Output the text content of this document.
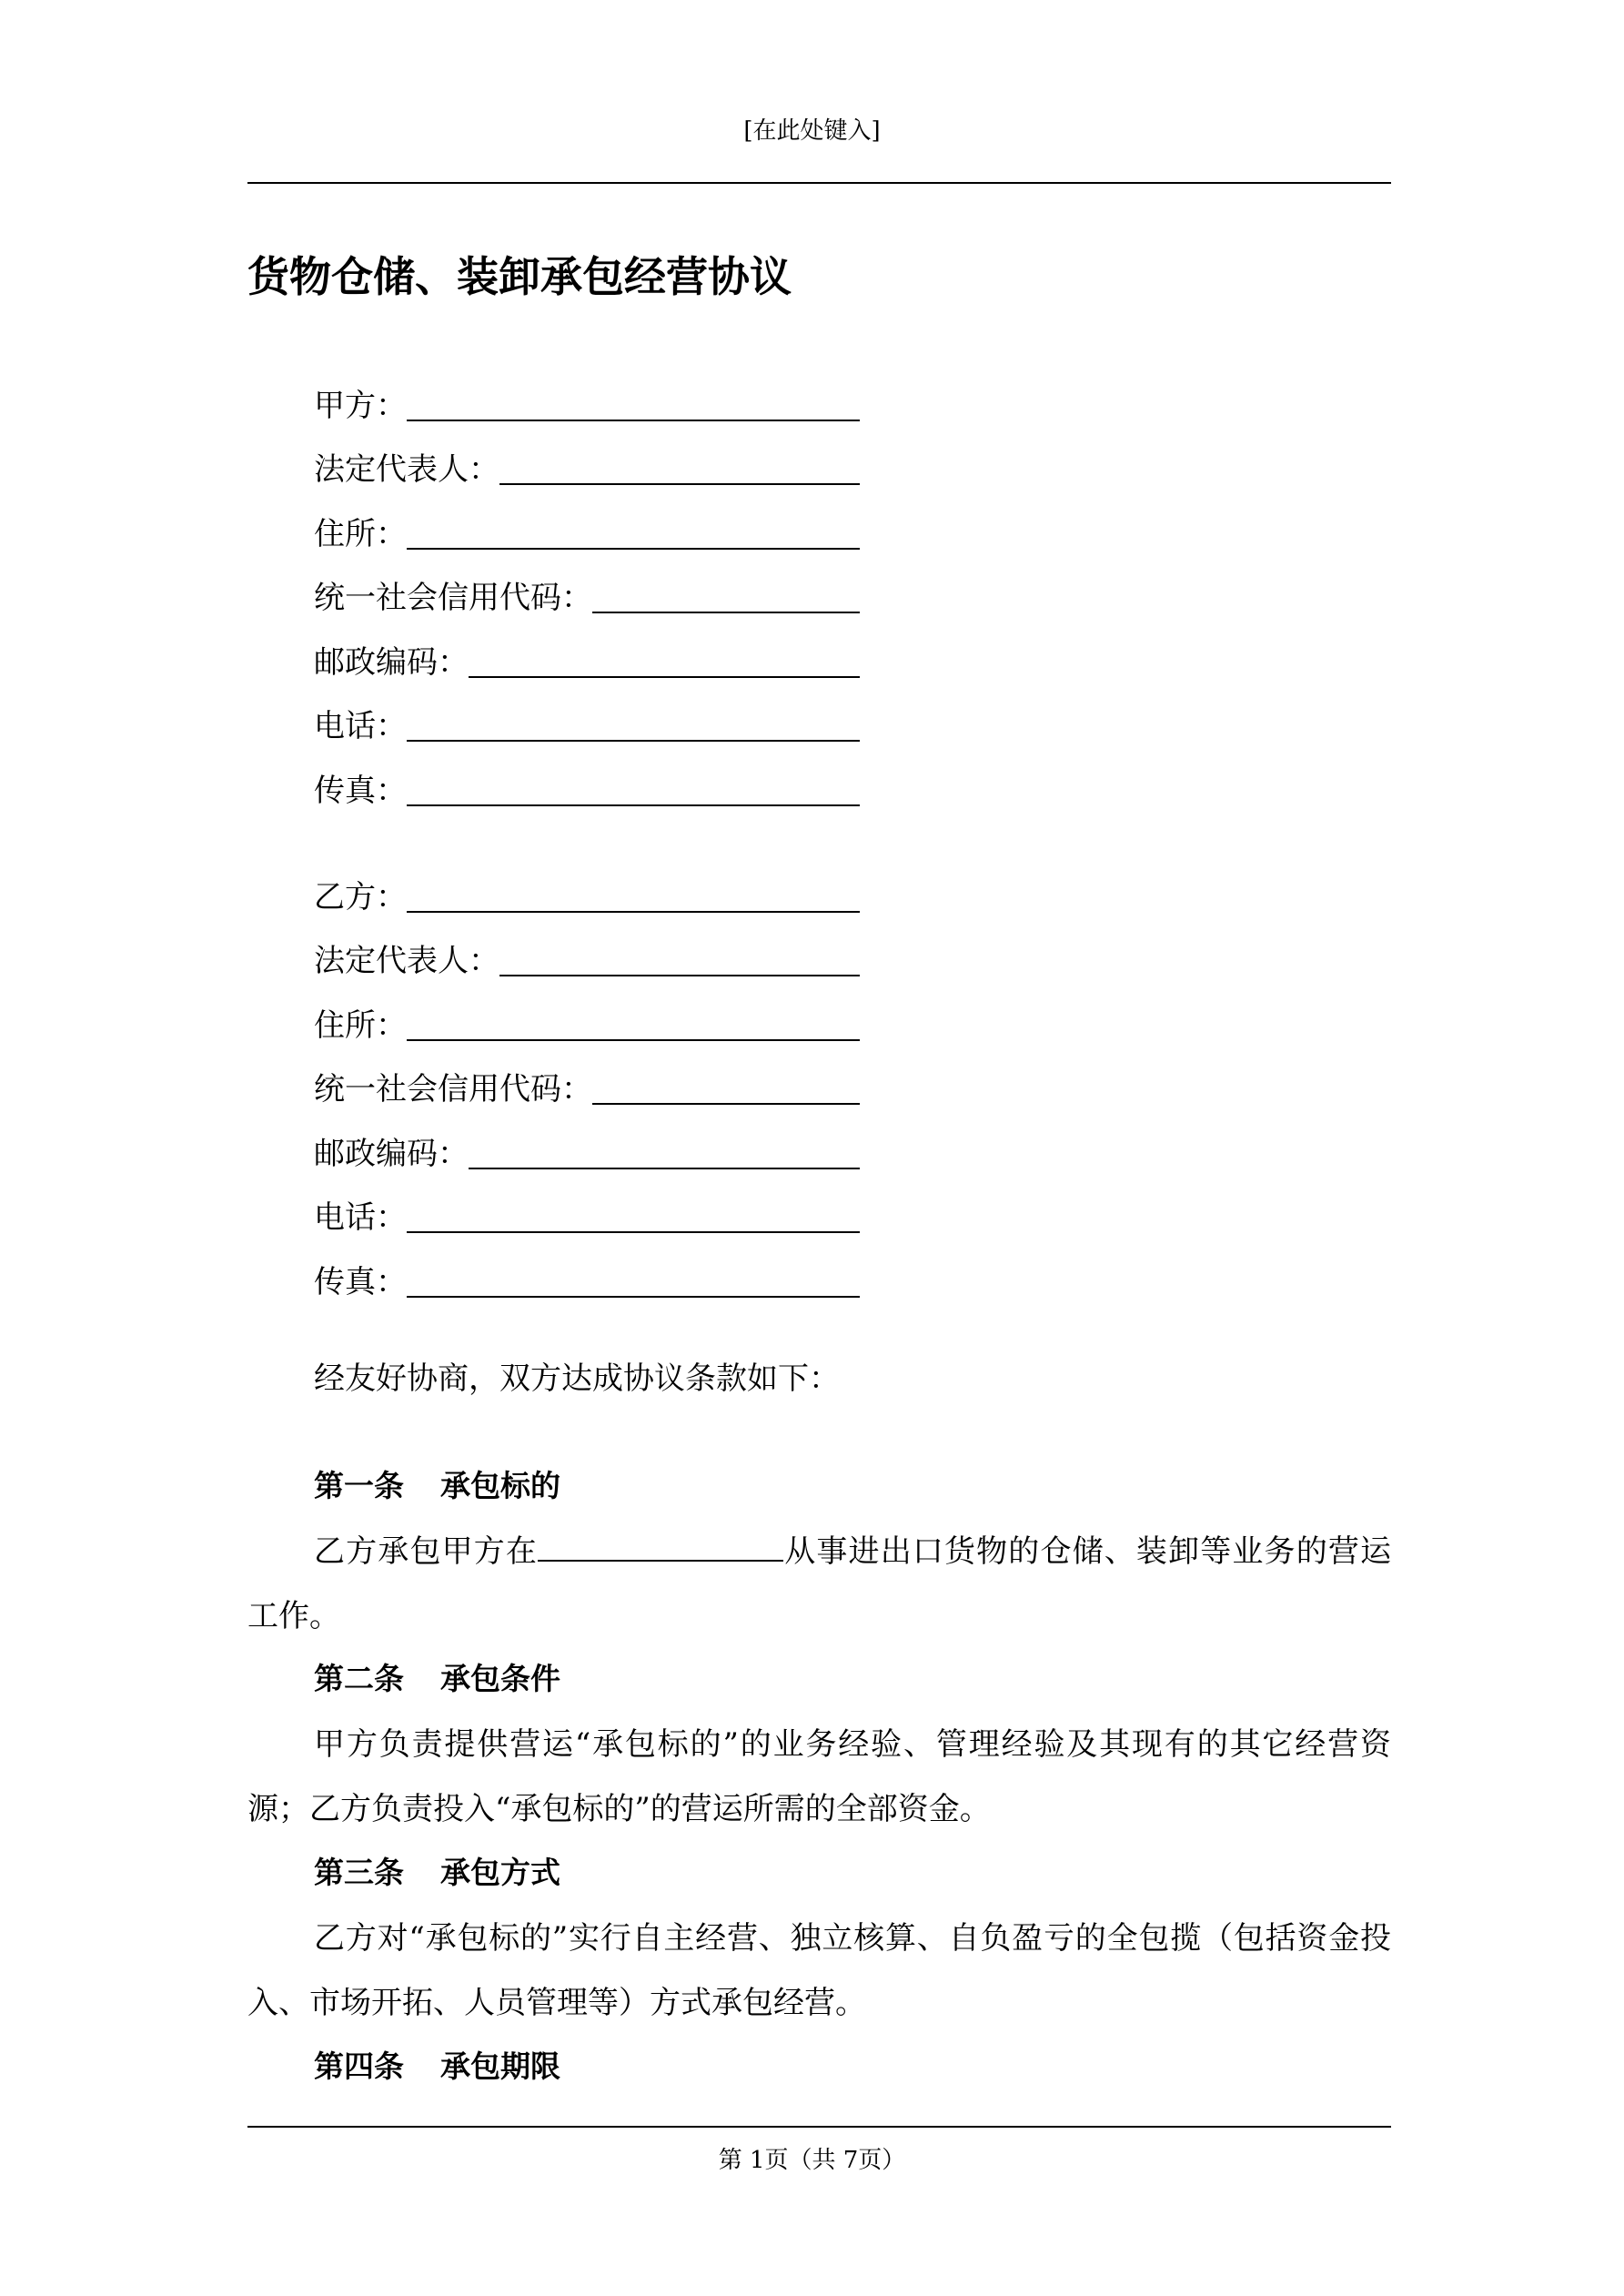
[在此处键入]
货物仓储、装卸承包经营协议
甲方：
法定代表人：
住所：
统一社会信用代码：
邮政编码：
电话：
传真：
乙方：
法定代表人：
住所：
统一社会信用代码：
邮政编码：
电话：
传真：
经友好协商，双方达成协议条款如下：
第一条 承包标的
乙方承包甲方在	从事进出口货物的仓储、装卸等业务的营运工作。
第二条 承包条件
甲方负责提供营运“承包标的”的业务经验、管理经验及其现有的其它经营资源；乙方负责投入“承包标的”的营运所需的全部资金。
第三条 承包方式
乙方对“承包标的”实行自主经营、独立核算、自负盈亏的全包揽（包括资金投入、市场开拓、人员管理等）方式承包经营。
第四条 承包期限
第 1页（共 7页）
